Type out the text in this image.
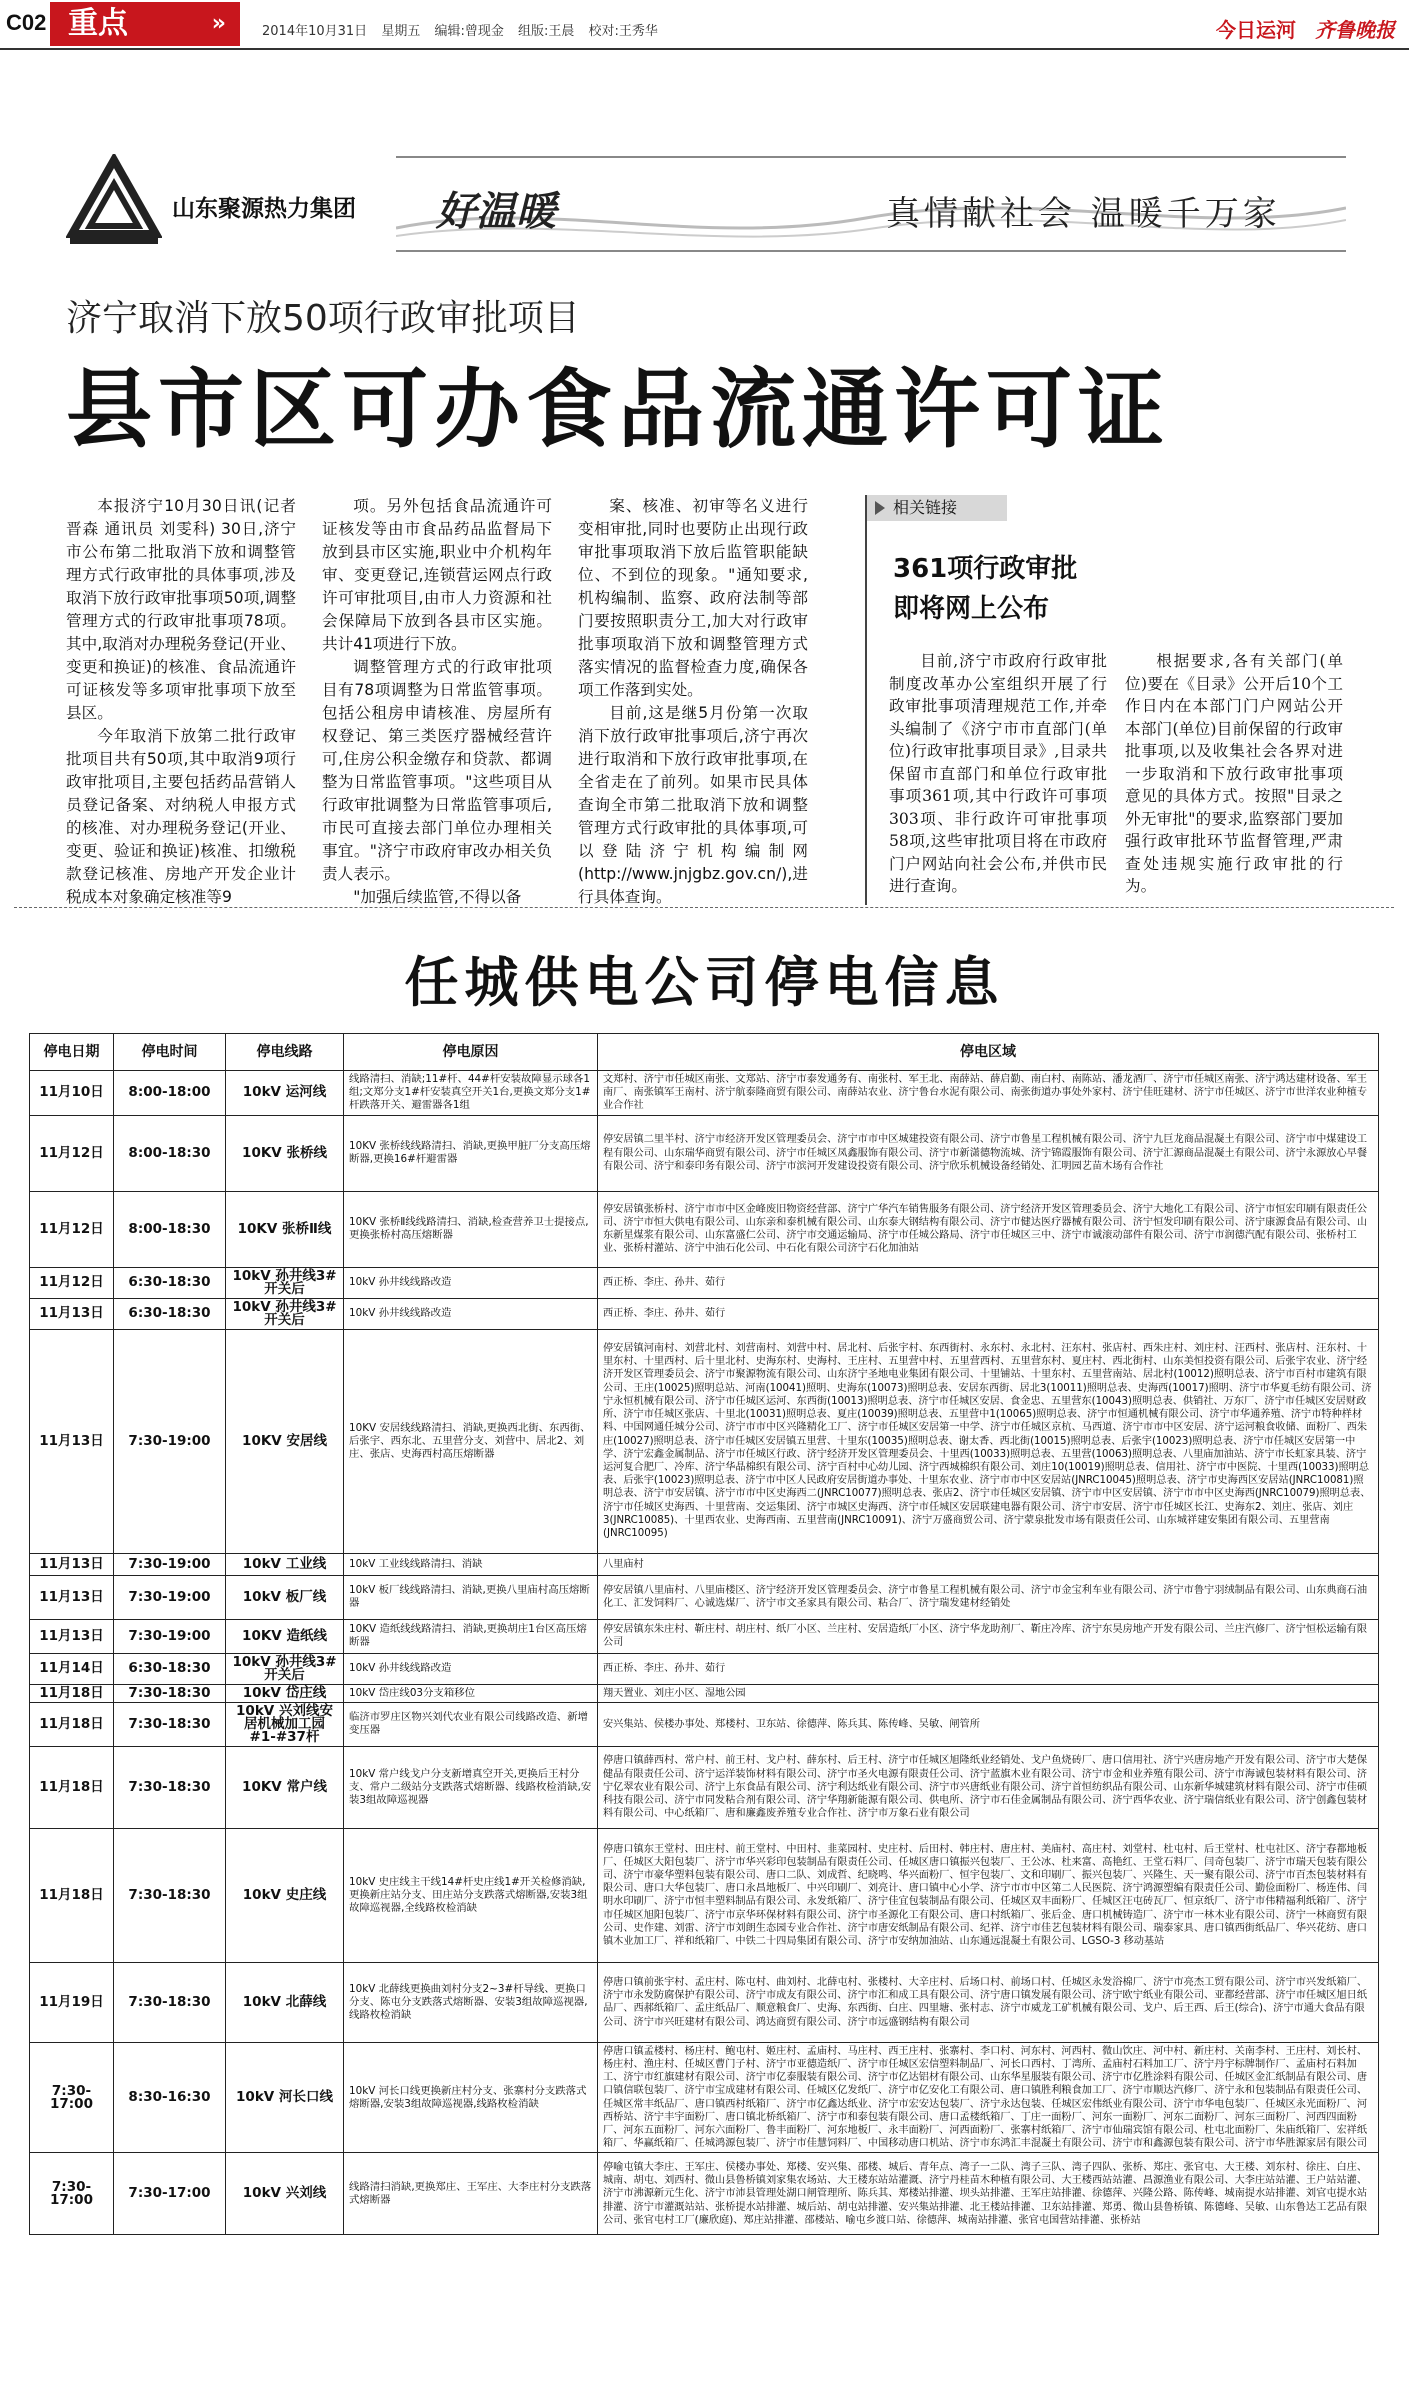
C02 重点	»	2014年10月31日 星期五 编辑:曾现金 组版:王晨 校对:王秀华	今日运河 齐鲁晚报
山东聚源热力集团 好温暖	真情献社会 温暖千万家
济宁取消下放50项行政审批项目
县市区可办食品流通许可证

本报济宁10月30日讯(记者 晋森 通讯员 刘雯科) 30日,济宁市公布第二批取消下放和调整管理方式行政审批的具体事项,涉及取消下放行政审批事项50项,调整管理方式的行政审批事项78项。其中,取消对办理税务登记(开业、变更和换证)的核准、食品流通许可证核发等多项审批事项下放至县区。

今年取消下放第二批行政审批项目共有50项,其中取消9项行政审批项目,主要包括药品营销人员登记备案、对纳税人申报方式的核准、对办理税务登记(开业、变更、验证和换证)核准、扣缴税款登记核准、房地产开发企业计税成本对象确定核准等9

项。另外包括食品流通许可证核发等由市食品药品监督局下放到县市区实施,职业中介机构年审、变更登记,连锁营运网点行政许可审批项目,由市人力资源和社会保障局下放到各县市区实施。共计41项进行下放。

调整管理方式的行政审批项目有78项调整为日常监管事项。包括公租房申请核准、房屋所有权登记、第三类医疗器械经营许可,住房公积金缴存和贷款、都调整为日常监管事项。"这些项目从行政审批调整为日常监管事项后,市民可直接去部门单位办理相关事宜。"济宁市政府审改办相关负责人表示。

"加强后续监管,不得以备

案、核准、初审等名义进行变相审批,同时也要防止出现行政审批事项取消下放后监管职能缺位、不到位的现象。"通知要求,机构编制、监察、政府法制等部门要按照职责分工,加大对行政审批事项取消下放和调整管理方式落实情况的监督检查力度,确保各项工作落到实处。

目前,这是继5月份第一次取消下放行政审批事项后,济宁再次进行取消和下放行政审批事项,在全省走在了前列。如果市民具体查询全市第二批取消下放和调整管理方式行政审批的具体事项,可以登陆济宁机构编制网(http://www.jnjgbz.gov.cn/),进行具体查询。

相关链接
361项行政审批
即将网上公布

目前,济宁市政府行政审批制度改革办公室组织开展了行政审批事项清理规范工作,并牵头编制了《济宁市市直部门(单位)行政审批事项目录》,目录共保留市直部门和单位行政审批事项361项,其中行政许可事项303项、非行政许可审批事项58项,这些审批项目将在市政府门户网站向社会公布,并供市民进行查询。

根据要求,各有关部门(单位)要在《目录》公开后10个工作日内在本部门门户网站公开本部门(单位)目前保留的行政审批事项,以及收集社会各界对进一步取消和下放行政审批事项意见的具体方式。按照"目录之外无审批"的要求,监察部门要加强行政审批环节监督管理,严肃查处违规实施行政审批的行为。

任城供电公司停电信息
停电日期	停电时间	停电线路	停电原因	停电区域
11月10日	8:00-18:00	10kV 运河线	线路清扫、消缺;11#杆、44#杆安装故障显示球各1组;文郑分支1#杆安装真空开关1台,更换文郑分支1#杆跌落开关、避雷器各1组	文郑村、济宁市任城区南张、文郑站、济宁市泰发通务有、南张村、军王北、南薛站、薛启勤、南白村、南陈站、潘龙酒厂、济宁市任城区南张、济宁鸿达建材设备、军王南厂、南张镇军王南村、济宁航泰隆商贸有限公司、南薛站农业、济宁鲁台水泥有限公司、南张街道办事处外家村、济宁佳旺建材、济宁市任城区、济宁市世洋农业种植专业合作社
11月12日	8:00-18:30	10KV 张桥线	10KV 张桥线线路清扫、消缺,更换甲脏厂分支高压熔断器,更换16#杆避雷器	停安居镇二里半村、济宁市经济开发区管理委员会、济宁市市中区城建投资有限公司、济宁市鲁星工程机械有限公司、济宁九巨龙商品混凝土有限公司、济宁市中煤建设工程有限公司、山东瑞华商贸有限公司、济宁市任城区凤鑫服饰有限公司、济宁市新潇德物流城、济宁锦霞服饰有限公司、济宁汇源商品混凝土有限公司、济宁永源放心早餐有限公司、济宁和泰印务有限公司、济宁市滨河开发建设投资有限公司、济宁欣乐机械设备经销处、汇明园艺苗木场有合作社
11月12日	8:00-18:30	10KV 张桥Ⅱ线	10KV 张桥Ⅱ线线路清扫、消缺,检查营养卫士提接点,更换张桥村高压熔断器	停安居镇张桥村、济宁市市中区金峰废旧物资经营部、济宁广华汽车销售服务有限公司、济宁经济开发区管理委员会、济宁大地化工有限公司、济宁市恒宏印刷有限责任公司、济宁市恒大供电有限公司、山东亲和泰机械有限公司、山东泰大钢结构有限公司、济宁市健达医疗器械有限公司、济宁恒发印刷有限公司、济宁康源食品有限公司、山东新星煤浆有限公司、山东富盛仁公司、济宁市交通运输局、济宁市任城公路局、济宁市任城区三中、济宁市诚滚动部件有限公司、济宁市润德汽配有限公司、张桥村工业、张桥村灌站、济宁中油石化公司、中石化有限公司济宁石化加油站
11月12日	6:30-18:30	10kV 孙井线3#开关后	10kV 孙井线线路改造	西正桥、李庄、孙井、茹行
11月13日	6:30-18:30	10kV 孙井线3#开关后	10kV 孙井线线路改造	西正桥、李庄、孙井、茹行
11月13日	7:30-19:00	10KV 安居线	10KV 安居线线路清扫、消缺,更换西北街、东西街、后张宇、西东北、五里营分支、刘营中、居北2、刘庄、张店、史海西村高压熔断器	停安居镇河南村、刘营北村、刘营南村、刘营中村、居北村、后张宇村、东西街村、永东村、永北村、汪东村、张店村、西朱庄村、刘庄村、汪西村、张店村、汪东村、十里东村、十里西村、后十里北村、史海东村、史海村、王庄村、五里营中村、五里营西村、五里营东村、夏庄村、西北街村、山东美恒投资有限公司、后张宇农业、济宁经济开发区管理委员会、济宁市聚源物流有限公司、山东济宁圣地电业集团有限公司、十里铺站、十里东村、五里营南站、居北村(10012)照明总表、济宁市百村市建筑有限公司、王庄(10025)照明总站、河南(10041)照明、史海东(10073)照明总表、安居东西街、居北3(10011)照明总表、史海西(10017)照明、济宁市华夏毛纺有限公司、济宁永恒机械有限公司、济宁市任城区运河、东西街(10013)照明总表、济宁市任城区安居、食金忠、五里营东(10043)照明总表、供销社、万东厂、济宁市任城区安居财政所、济宁市任城区张店、十里北(10031)照明总表、夏庄(10039)照明总表、五里营中1(10065)照明总表、济宁市恒通机械有限公司、济宁市华通养殖、济宁市特种样材料、中国网通任城分公司、济宁市市中区兴隆精化工厂、济宁市任城区安居第一中学、济宁市任城区京杭、马西道、济宁市市中区安居、济宁运河粮食收储、面粉厂、西朱庄(10027)照明总表、济宁市任城区安居镇五里营、十里东(10035)照明总表、谢太香、西北街(10015)照明总表、后张宇(10023)照明总表、济宁市任城区安居第一中学、济宁宏鑫金属制品、济宁市任城区行政、济宁经济开发区管理委员会、十里西(10033)照明总表、五里营(10063)照明总表、八里庙加油站、济宁市长虹家具装、济宁运河复合肥厂、冷库、济宁华晶棉织有限公司、济宁百村中心幼儿园、济宁西城棉织有限公司、刘庄10(10019)照明总表、信用社、济宁市中医院、十里西(10033)照明总表、后张宇(10023)照明总表、济宁市中区人民政府安居街道办事处、十里东农业、济宁市市中区安居站(JNRC10045)照明总表、济宁市史海西区安居站(JNRC10081)照明总表、济宁市安居镇、济宁市市中区史海西二(JNRC10077)照明总表、张店2、济宁市任城区安居镇、济宁市中区安居镇、济宁市市中区史海西(JNRC10079)照明总表、济宁市任城区史海西、十里营南、交运集团、济宁市城区史海西、济宁市任城区安居联建电器有限公司、济宁市安居、济宁市任城区长江、史海东2、刘庄、张店、刘庄3(JNRC10085)、十里西农业、史海西南、五里营南(JNRC10091)、济宁万盛商贸公司、济宁蒙泉批发市场有限责任公司、山东城祥建安集团有限公司、五里营南(JNRC10095)
11月13日	7:30-19:00	10kV 工业线	10kV 工业线线路清扫、消缺	八里庙村
11月13日	7:30-19:00	10kV 板厂线	10kV 板厂线线路清扫、消缺,更换八里庙村高压熔断器	停安居镇八里庙村、八里庙楼区、济宁经济开发区管理委员会、济宁市鲁星工程机械有限公司、济宁市金宝利车业有限公司、济宁市鲁宁羽绒制品有限公司、山东典商石油化工、汇发饲料厂、心诚选煤厂、济宁市文圣家具有限公司、粘合厂、济宁瑞发建材经销处
11月13日	7:30-19:00	10KV 造纸线	10KV 造纸线线路清扫、消缺,更换胡庄1台区高压熔断器	停安居镇东朱庄村、靳庄村、胡庄村、纸厂小区、兰庄村、安居造纸厂小区、济宁华龙助剂厂、靳庄冷库、济宁东昊房地产开发有限公司、兰庄汽修厂、济宁恒松运输有限公司
11月14日	6:30-18:30	10kV 孙井线3#开关后	10kV 孙井线线路改造	西正桥、李庄、孙井、茹行
11月18日	7:30-18:30	10kV 岱庄线	10kV 岱庄线03分支箱移位	翔天置业、刘庄小区、湿地公园
11月18日	7:30-18:30	10kV 兴刘线安居机械加工园#1-#37杆	临济市罗庄区物兴刘代农业有限公司线路改造、新增变压器	安兴集站、侯楼办事处、郑楼村、卫东站、徐德萍、陈兵其、陈传峰、吴敏、闸管所
11月18日	7:30-18:30	10KV 常户线	10kV 常户线戈户分支新增真空开关,更换后王村分支、常户二级站分支跌落式熔断器、线路枚检消缺,安装3组故障巡视器	停唐口镇薛西村、常户村、前王村、戈户村、薛东村、后王村、济宁市任城区旭隆纸业经销处、戈户鱼烧砖厂、唐口信用社、济宁兴唐房地产开发有限公司、济宁市大楚保健品有限责任公司、济宁运洋装饰材料有限公司、济宁市圣火电源有限责任公司、济宁蓝旗木业有限公司、济宁市金和业养殖有限公司、济宁市海诚包装材料有限公司、济宁亿翠农业有限公司、济宁上东食品有限公司、济宁利达纸业有限公司、济宁市兴唐纸业有限公司、济宁首恒纺织品有限公司、山东新华城建筑材料有限公司、济宁市佳硕科技有限公司、济宁市同发粘合剂有限公司、济宁华翔新能源有限公司、供电所、济宁市石佳金属制品有限公司、济宁西华农业、济宁瑞信纸业有限公司、济宁创鑫包装材料有限公司、中心纸箱厂、唐和廉鑫废养殖专业合作社、济宁市万象石业有限公司
11月18日	7:30-18:30	10kV 史庄线	10kV 史庄线主干线14#杆史庄线1#开关检修消缺,更换新庄站分支、田庄站分支跌落式熔断器,安装3组故障巡视器,全线路枚检消缺	停唐口镇东王堂村、田庄村、前王堂村、中田村、韭菜园村、史庄村、后田村、韩庄村、唐庄村、美庙村、高庄村、刘堂村、杜屯村、后王堂村、杜屯社区、济宁春都地板厂、任城区大阳包装厂、济宁市华兴彩印包装制品有限责任公司、任城区唐口镇振兴包装厂、王公冰、杜来富、高艳红、王堂石料厂、闫奇包装厂、济宁市瑞天包装有限公司、济宁市豪华塑料包装有限公司、唐口二队、刘成哲、纪晓鸣、华兴面粉厂、恒宇包装厂、文和印刷厂、振兴包装厂、兴隆生、天一聚有限公司、济宁市百杰包装材料有限公司、唐口大华包装厂、唐口永昌地板厂、中兴印刷厂、刘亮计、唐口镇中心小学、济宁市市中区第二人民医院、济宁鸿源塑编有限责任公司、勤俭面粉厂、杨连伟、闫明水印刷厂、济宁市恒丰塑料制品有限公司、永发纸箱厂、济宁佳宜包装制品有限公司、任城区双丰面粉厂、任城区汪屯砖瓦厂、恒京纸厂、济宁市伟精福利纸箱厂、济宁市任城区旭阳包装厂、济宁市京华环保材料有限公司、济宁市圣源化工有限公司、唐口村纸箱厂、张后金、唐口机械铸造厂、济宁市一林木业有限公司、济宁一林商贸有限公司、史作建、刘雷、济宁市刘朗生态园专业合作社、济宁市唐安纸制品有限公司、纪祥、济宁市佳艺包装材料有限公司、瑞泰家具、唐口镇西街纸品厂、华兴花纺、唐口镇木业加工厂、祥和纸箱厂、中铁二十四局集团有限公司、济宁市安纳加油站、山东通远混凝土有限公司、LGSO-3 移动基站
11月19日	7:30-18:30	10kV 北薛线	10kV 北薛线更换曲刘村分支2~3#杆导线、更换口分支、陈屯分支跌落式熔断器、安装3组故障巡视器,线路枚检消缺	停唐口镇前张宇村、孟庄村、陈屯村、曲刘村、北薛屯村、张楼村、大辛庄村、后场口村、前场口村、任城区永发浴棉厂、济宁市亮杰工贸有限公司、济宁市兴发纸箱厂、济宁市永发防腐保护有限公司、济宁市成友有限公司、济宁市汇和成工具有限公司、济宁唐口镇发展有限公司、济宁欧宁纸业有限公司、亚都经营部、济宁市任城区旭日纸品厂、西郝纸箱厂、孟庄纸品厂、顺意粮食厂、史海、东西街、白庄、四里塘、张村志、济宁市威龙工矿机械有限公司、戈户、后王西、后王(综合)、济宁市通大食品有限公司、济宁市兴旺建材有限公司、鸿达商贸有限公司、济宁市远盛钢结构有限公司
7:30-17:00	8:30-16:30	10kV 河长口线	10kV 河长口线更换新庄村分支、张寨村分支跌落式熔断器,安装3组故障巡视器,线路枚检消缺	停唐口镇孟楼村、杨庄村、鲍屯村、姬庄村、孟庙村、马庄村、西王庄村、张寨村、李口村、河东村、河西村、微山饮庄、河中村、新庄村、关南李村、王庄村、刘长村、杨庄村、渔庄村、任城区曹门子村、济宁市亚德造纸厂、济宁市任城区宏信塑料制品厂、河长口西村、丁湾所、孟庙村石料加工厂、济宁丹宇标牌制作厂、孟庙村石料加工、济宁市红旗建材有限公司、济宁市亿泰服装有限公司、济宁市亿达铝材有限公司、山东华星服装有限公司、济宁市亿胜涂料有限公司、任城区金汇纸制品有限公司、唐口镇信联包装厂、济宁市宝成建材有限公司、任城区亿发纸厂、济宁市亿安化工有限公司、唐口镇胜利粮食加工厂、济宁市顺达汽修厂、济宁永和包装制品有限责任公司、任城区常丰纸品厂、唐口镇西村纸箱厂、济宁市亿鑫达纸业、济宁市宏安达包装厂、济宁永达包装、任城区宏伟纸业有限公司、济宁市华电包装厂、任城区永光面粉厂、河西桥站、济宁丰宇面粉厂、唐口镇北桥纸箱厂、济宁市和泰包装有限公司、唐口孟楼纸箱厂、丁庄一面粉厂、河东一面粉厂、河东二面粉厂、河东三面粉厂、河西四面粉厂、河东五面粉厂、河东六面粉厂、鲁丰面粉厂、河东地板厂、永丰面粉厂、河西面粉厂、张寨村纸箱厂、济宁市仙瑞宾馆有限公司、杜屯北面粉厂、朱庙纸箱厂、宏祥纸箱厂、华赢纸箱厂、任城鸿源包装厂、济宁市佳慧饲料厂、中国移动唐口机站、济宁市东鸿汇丰混凝土有限公司、济宁市和鑫源包装有限公司、济宁市华胜源家居有限公司
7:30-17:00	7:30-17:00	10kV 兴刘线	线路清扫消缺,更换郑庄、王军庄、大李庄村分支跌落式熔断器	停喻屯镇大李庄、王军庄、侯楼办事处、郑楼、安兴集、邵楼、城后、青年点、湾子一二队、湾子三队、湾子四队、张桥、郑庄、张官屯、大王楼、刘东村、徐庄、白庄、城南、胡屯、刘西村、微山县鲁桥镇刘家集农场站、大王楼东站站灌溉、济宁丹桂苗木种植有限公司、大王楼西站站灌、昌源渔业有限公司、大李庄站站灌、王户站站灌、济宁市沸源新元生化、济宁市沛县管理处湖口闸管理所、陈兵其、郑楼站排灌、坝头站排灌、王军庄站排灌、徐德萍、兴隆公路、陈传峰、城南提水站排灌、刘官屯提水站排灌、济宁市灌溉站站、张桥提水站排灌、城后站、胡屯站排灌、安兴集站排灌、北王楼站排灌、卫东站排灌、郑勇、微山县鲁桥镇、陈德峰、吴敏、山东鲁达工艺品有限公司、张官屯村工厂(廉欣庭)、郑庄站排灌、邵楼站、喻屯乡渡口站、徐德萍、城南站排灌、张官屯国营站排灌、张桥站
